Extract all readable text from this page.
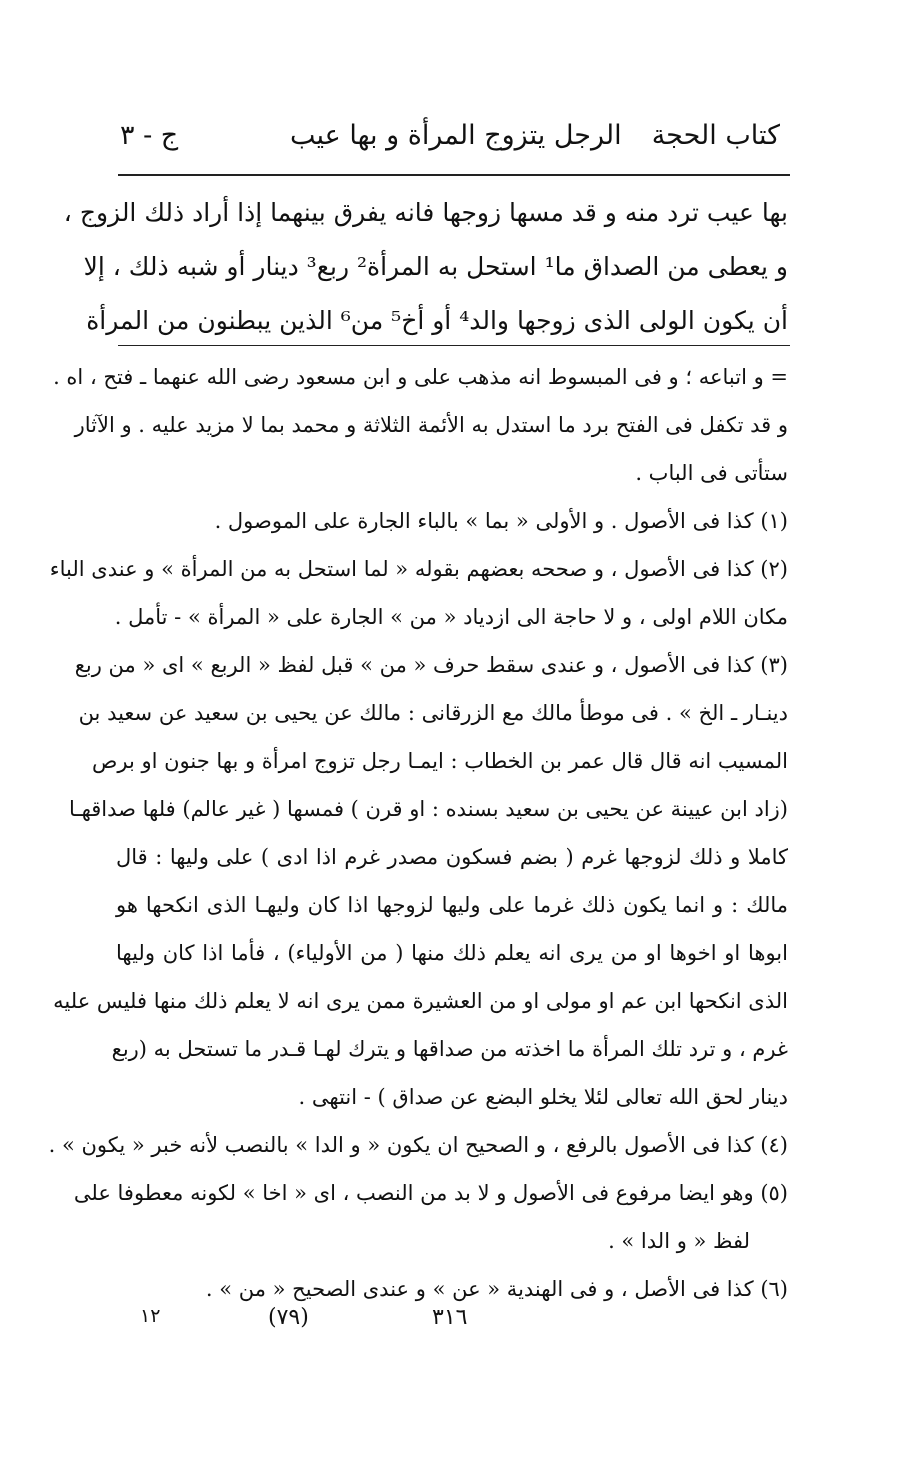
كتاب الحجة
الرجل يتزوج المرأة و بها عيب
ج - ٣
بها عيب ترد منه و قد مسها زوجها فانه يفرق بينهما إذا أراد ذلك الزوج ،
و يعطى من الصداق ما¹ استحل به المرأة² ربع³ دينار أو شبه ذلك ، إلا
أن يكون الولى الذى زوجها والد⁴ أو أخ⁵ من⁶ الذين يبطنون من المرأة
= و اتباعه ؛ و فى المبسوط انه مذهب على و ابن مسعود رضى الله عنهما ـ فتح ، اه .
و قد تكفل فى الفتح برد ما استدل به الأئمة الثلاثة و محمد بما لا مزيد عليه . و الآثار
ستأتى فى الباب .
(١) كذا فى الأصول . و الأولى « بما » بالباء الجارة على الموصول .
(٢) كذا فى الأصول ، و صححه بعضهم بقوله « لما استحل به من المرأة » و عندى الباء
مكان اللام اولى ، و لا حاجة الى ازدياد « من » الجارة على « المرأة » - تأمل .
(٣) كذا فى الأصول ، و عندى سقط حرف « من » قبل لفظ « الربع » اى « من ربع
دينـار ـ الخ » . فى موطأ مالك مع الزرقانى : مالك عن يحيى بن سعيد عن سعيد بن
المسيب انه قال قال عمر بن الخطاب : ايمـا رجل تزوج امرأة و بها جنون او برص
(زاد ابن عيينة عن يحيى بن سعيد بسنده : او قرن ) فمسها ( غير عالم) فلها صداقهـا
كاملا و ذلك لزوجها غرم ( بضم فسكون مصدر غرم اذا ادى ) على وليها : قال
مالك : و انما يكون ذلك غرما على وليها لزوجها اذا كان وليهـا الذى انكحها هو
ابوها او اخوها او من يرى انه يعلم ذلك منها ( من الأولياء) ، فأما اذا كان وليها
الذى انكحها ابن عم او مولى او من العشيرة ممن يرى انه لا يعلم ذلك منها فليس عليه
غرم ، و ترد تلك المرأة ما اخذته من صداقها و يترك لهـا قـدر ما تستحل به (ربع
دينار لحق الله تعالى لئلا يخلو البضع عن صداق ) - انتهى .
(٤) كذا فى الأصول بالرفع ، و الصحيح ان يكون « و الدا » بالنصب لأنه خبر « يكون » .
(٥) وهو ايضا مرفوع فى الأصول و لا بد من النصب ، اى « اخا » لكونه معطوفا على
لفظ « و الدا » .
(٦) كذا فى الأصل ، و فى الهندية « عن » و عندى الصحيح « من » .
٣١٦
(٧٩)
١٢
